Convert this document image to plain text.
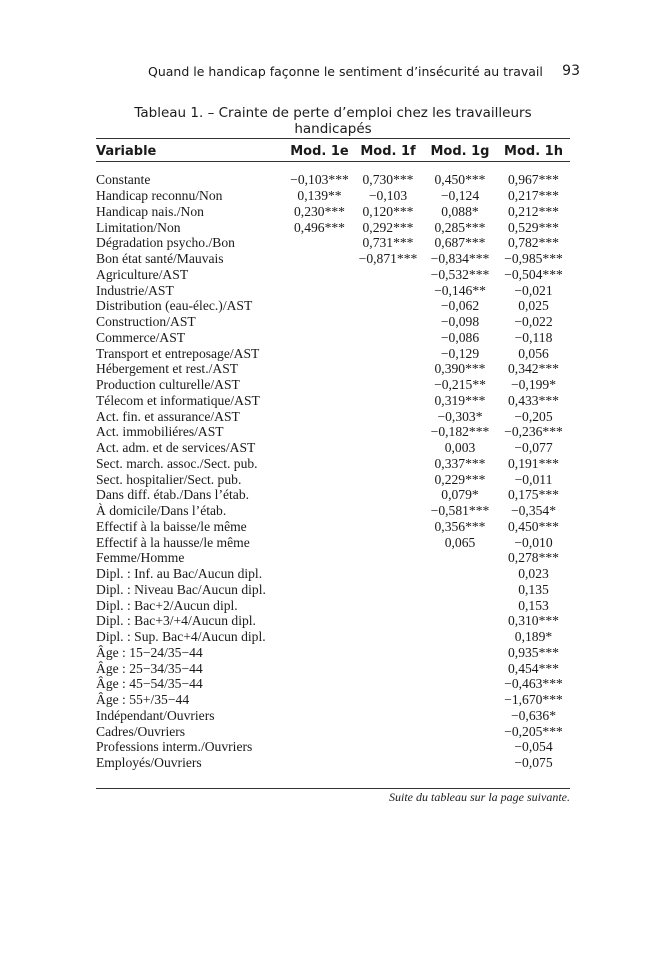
Quand le handicap façonne le sentiment d’insécurité au travail 93
Tableau 1. – Crainte de perte d’emploi chez les travailleurs handicapés
Variable	Mod. 1e	Mod. 1f	Mod. 1g	Mod. 1h

Constante	−0,103***	0,730***	0,450***	0,967***
Handicap reconnu/Non	0,139**	−0,103	−0,124	0,217***
Handicap nais./Non	0,230***	0,120***	0,088*	0,212***
Limitation/Non	0,496***	0,292***	0,285***	0,529***
Dégradation psycho./Bon		0,731***	0,687***	0,782***
Bon état santé/Mauvais		−0,871***	−0,834***	−0,985***
Agriculture/AST			−0,532***	−0,504***
Industrie/AST			−0,146**	−0,021
Distribution (eau-élec.)/AST			−0,062	0,025
Construction/AST			−0,098	−0,022
Commerce/AST			−0,086	−0,118
Transport et entreposage/AST			−0,129	0,056
Hébergement et rest./AST			0,390***	0,342***
Production culturelle/AST			−0,215**	−0,199*
Télecom et informatique/AST			0,319***	0,433***
Act. fin. et assurance/AST			−0,303*	−0,205
Act. immobiliéres/AST			−0,182***	−0,236***
Act. adm. et de services/AST			0,003	−0,077
Sect. march. assoc./Sect. pub.			0,337***	0,191***
Sect. hospitalier/Sect. pub.			0,229***	−0,011
Dans diff. étab./Dans l’étab.			0,079*	0,175***
À domicile/Dans l’étab.			−0,581***	−0,354*
Effectif à la baisse/le même			0,356***	0,450***
Effectif à la hausse/le même			0,065	−0,010
Femme/Homme				0,278***
Dipl. : Inf. au Bac/Aucun dipl.				0,023
Dipl. : Niveau Bac/Aucun dipl.				0,135
Dipl. : Bac+2/Aucun dipl.				0,153
Dipl. : Bac+3/+4/Aucun dipl.				0,310***
Dipl. : Sup. Bac+4/Aucun dipl.				0,189*
Âge : 15−24/35−44				0,935***
Âge : 25−34/35−44				0,454***
Âge : 45−54/35−44				−0,463***
Âge : 55+/35−44				−1,670***
Indépendant/Ouvriers				−0,636*
Cadres/Ouvriers				−0,205***
Professions interm./Ouvriers				−0,054
Employés/Ouvriers				−0,075
Suite du tableau sur la page suivante.
